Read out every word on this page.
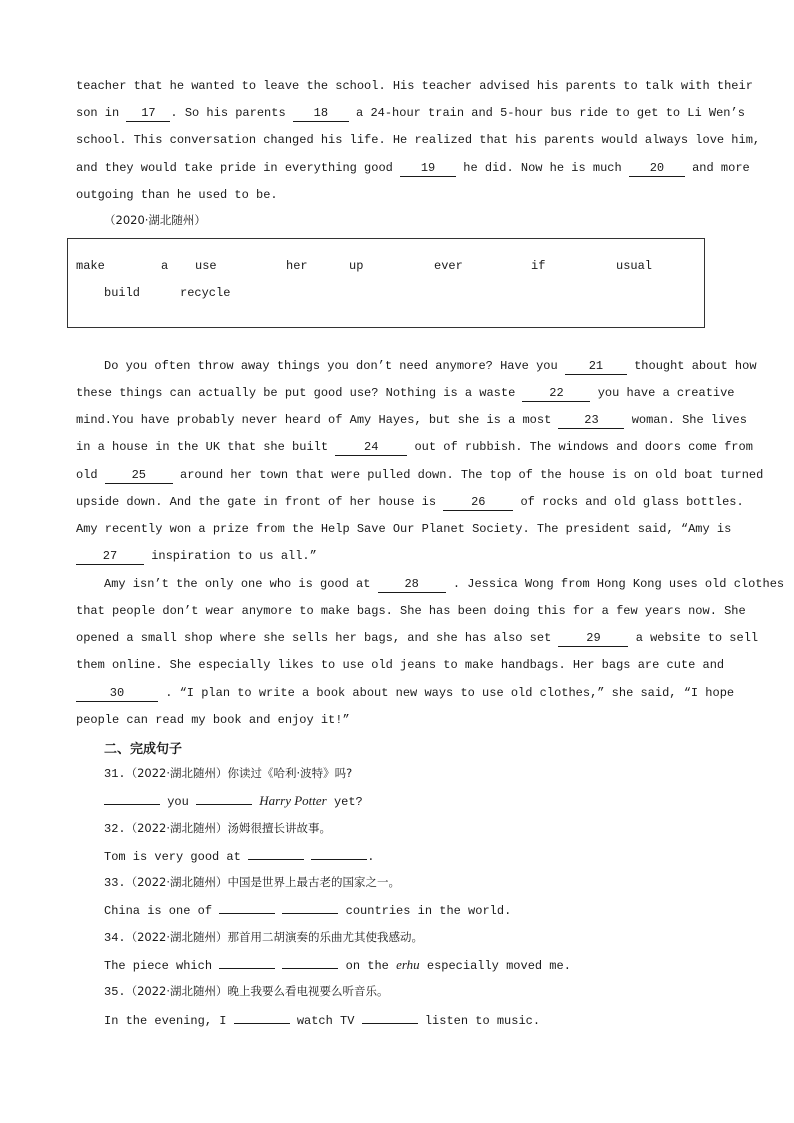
teacher that he wanted to leave the school. His teacher advised his parents to talk with their
son in 17 . So his parents 18 a 24-hour train and 5-hour bus ride to get to Li Wen’s
school. This conversation changed his life. He realized that his parents would always love him,
and they would take pride in everything good 19 he did. Now he is much 20 and more
outgoing than he used to be.
（2020·湖北随州）
make	a use	her	up	ever	if	usual
build	recycle
Do you often throw away things you don’t need anymore? Have you	21	thought about how
these things can actually be put good use? Nothing is a waste	22	you have a creative
mind.You have probably never heard of Amy Hayes, but she is a most	23	woman. She lives
in a house in the UK that she built	24	out of rubbish. The windows and doors come from
old	25	around her town that were pulled down. The top of the house is on old boat turned
upside down. And the gate in front of her house is	26	of rocks and old glass bottles.
Amy recently won a prize from the Help Save Our Planet Society. The president said, “Amy is
27	inspiration to us all.”
Amy isn’t the only one who is good at	28	. Jessica Wong from Hong Kong uses old clothes
that people don’t wear anymore to make bags. She has been doing this for a few years now. She
opened a small shop where she sells her bags, and she has also set	29	a website to sell
them online. She especially likes to use old jeans to make handbags. Her bags are cute and
30	. “I plan to write a book about new ways to use old clothes,” she said, “I hope
people can read my book and enjoy it!”
二、完成句子
31.（2022·湖北随州）你读过《哈利·波特》吗?
you	Harry Potter yet?
32.（2022·湖北随州）汤姆很擅长讲故事。
Tom is very good at	.
33.（2022·湖北随州）中国是世界上最古老的国家之一。
China is one of	countries in the world.
34.（2022·湖北随州）那首用二胡演奏的乐曲尤其使我感动。
The piece which	on the erhu especially moved me.
35.（2022·湖北随州）晚上我要么看电视要么听音乐。
In the evening, I	watch TV	listen to music.
